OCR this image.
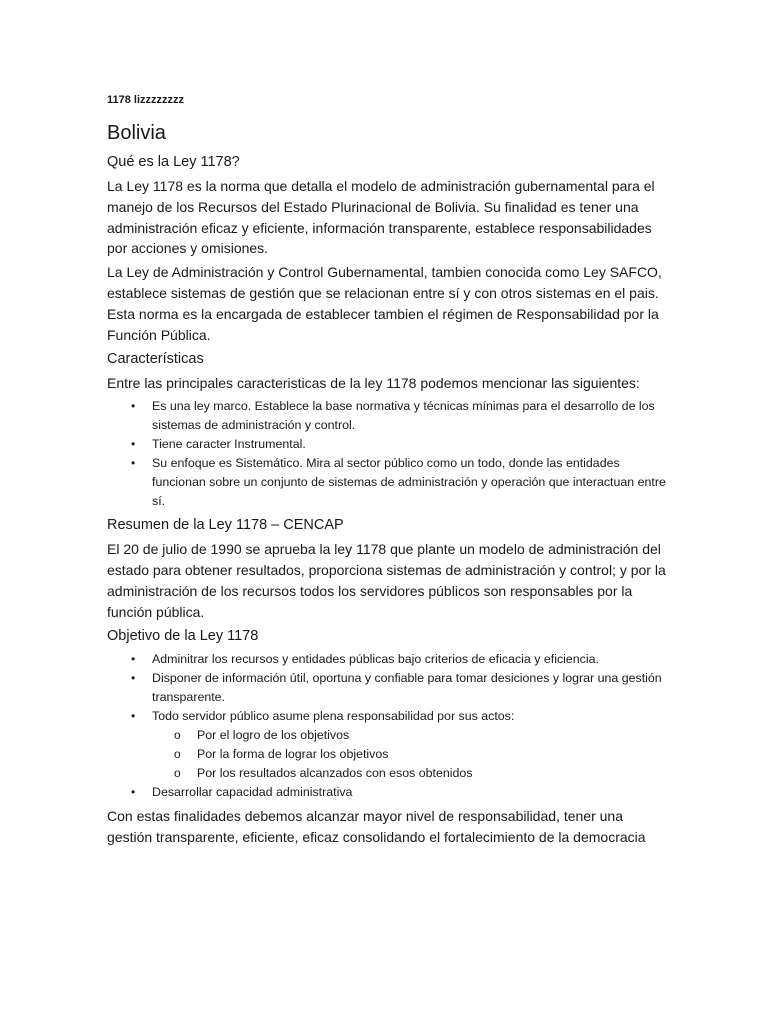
1178 lizzzzzzzz
Bolivia
Qué es la Ley 1178?

La Ley 1178 es la norma que detalla el modelo de administración gubernamental para el manejo de los Recursos del Estado Plurinacional de Bolivia. Su finalidad es tener una administración eficaz y eficiente, información transparente, establece responsabilidades por acciones y omisiones.

La Ley de Administración y Control Gubernamental, tambien conocida como Ley SAFCO, establece sistemas de gestión que se relacionan entre sí y con otros sistemas en el pais. Esta norma es la encargada de establecer tambien el régimen de Responsabilidad por la Función Pública.

Características

Entre las principales caracteristicas de la ley 1178 podemos mencionar las siguientes:

• Es una ley marco. Establece la base normativa y técnicas mínimas para el desarrollo de los sistemas de administración y control.
• Tiene caracter Instrumental.
• Su enfoque es Sistemático. Mira al sector público como un todo, donde las entidades funcionan sobre un conjunto de sistemas de administración y operación que interactuan entre sí.
Resumen de la Ley 1178 – CENCAP

El 20 de julio de 1990 se aprueba la ley 1178 que plante un modelo de administración del estado para obtener resultados, proporciona sistemas de administración y control; y por la administración de los recursos todos los servidores públicos son responsables por la función pública.

Objetivo de la Ley 1178
• Adminitrar los recursos y entidades públicas bajo criterios de eficacia y eficiencia.
• Disponer de información útil, oportuna y confiable para tomar desiciones y lograr una gestión transparente.
• Todo servidor público asume plena responsabilidad por sus actos:
o Por el logro de los objetivos
o Por la forma de lograr los objetivos
o Por los resultados alcanzados con esos obtenidos
• Desarrollar capacidad administrativa

Con estas finalidades debemos alcanzar mayor nivel de responsabilidad, tener una gestión transparente, eficiente, eficaz consolidando el fortalecimiento de la democracia
